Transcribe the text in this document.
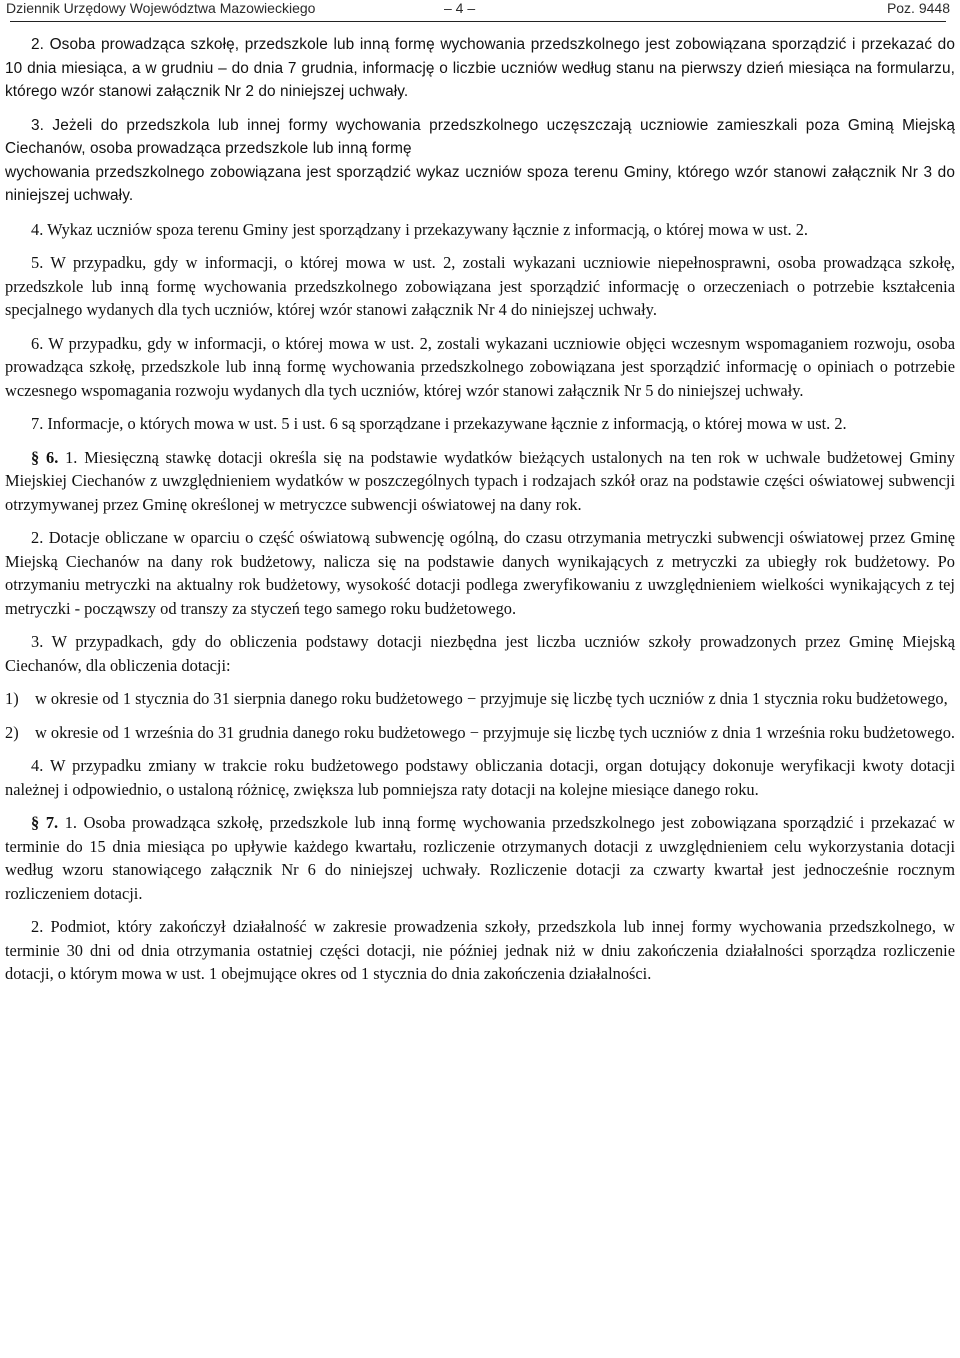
Dziennik Urzędowy Województwa Mazowieckiego	– 4 –	Poz. 9448

2. Osoba prowadząca szkołę, przedszkole lub inną formę wychowania przedszkolnego jest zobowiązana sporządzić i przekazać do 10 dnia miesiąca, a w grudniu – do dnia 7 grudnia, informację o liczbie uczniów według stanu na pierwszy dzień miesiąca na formularzu, którego wzór stanowi załącznik Nr 2 do niniejszej uchwały.

3. Jeżeli do przedszkola lub innej formy wychowania przedszkolnego uczęszczają uczniowie zamieszkali poza Gminą Miejską Ciechanów, osoba prowadząca przedszkole lub inną formę

wychowania przedszkolnego zobowiązana jest sporządzić wykaz uczniów spoza terenu Gminy, którego wzór stanowi załącznik Nr 3 do niniejszej uchwały.

4. Wykaz uczniów spoza terenu Gminy jest sporządzany i przekazywany łącznie z informacją, o której mowa w ust. 2.

5. W przypadku, gdy w informacji, o której mowa w ust. 2, zostali wykazani uczniowie niepełnosprawni, osoba prowadząca szkołę, przedszkole lub inną formę wychowania przedszkolnego zobowiązana jest sporządzić informację o orzeczeniach o potrzebie kształcenia specjalnego wydanych dla tych uczniów, której wzór stanowi załącznik Nr 4 do niniejszej uchwały.

6. W przypadku, gdy w informacji, o której mowa w ust. 2, zostali wykazani uczniowie objęci wczesnym wspomaganiem rozwoju, osoba prowadząca szkołę, przedszkole lub inną formę wychowania przedszkolnego zobowiązana jest sporządzić informację o opiniach o potrzebie wczesnego wspomagania rozwoju wydanych dla tych uczniów, której wzór stanowi załącznik Nr 5 do niniejszej uchwały.

7. Informacje, o których mowa w ust. 5 i ust. 6 są sporządzane i przekazywane łącznie z informacją, o której mowa w ust. 2.

§ 6. 1. Miesięczną stawkę dotacji określa się na podstawie wydatków bieżących ustalonych na ten rok w uchwale budżetowej Gminy Miejskiej Ciechanów z uwzględnieniem wydatków w poszczególnych typach i rodzajach szkół oraz na podstawie części oświatowej subwencji otrzymywanej przez Gminę określonej w metryczce subwencji oświatowej na dany rok.

2. Dotacje obliczane w oparciu o część oświatową subwencję ogólną, do czasu otrzymania metryczki subwencji oświatowej przez Gminę Miejską Ciechanów na dany rok budżetowy, nalicza się na podstawie danych wynikających z metryczki za ubiegły rok budżetowy. Po otrzymaniu metryczki na aktualny rok budżetowy, wysokość dotacji podlega zweryfikowaniu z uwzględnieniem wielkości wynikających z tej metryczki - począwszy od transzy za styczeń tego samego roku budżetowego.

3. W przypadkach, gdy do obliczenia podstawy dotacji niezbędna jest liczba uczniów szkoły prowadzonych przez Gminę Miejską Ciechanów, dla obliczenia dotacji:

1) w okresie od 1 stycznia do 31 sierpnia danego roku budżetowego − przyjmuje się liczbę tych uczniów z dnia 1 stycznia roku budżetowego,
2) w okresie od 1 września do 31 grudnia danego roku budżetowego − przyjmuje się liczbę tych uczniów z dnia 1 września roku budżetowego.

4. W przypadku zmiany w trakcie roku budżetowego podstawy obliczania dotacji, organ dotujący dokonuje weryfikacji kwoty dotacji należnej i odpowiednio, o ustaloną różnicę, zwiększa lub pomniejsza raty dotacji na kolejne miesiące danego roku.

§ 7. 1. Osoba prowadząca szkołę, przedszkole lub inną formę wychowania przedszkolnego jest zobowiązana sporządzić i przekazać w terminie do 15 dnia miesiąca po upływie każdego kwartału, rozliczenie otrzymanych dotacji z uwzględnieniem celu wykorzystania dotacji według wzoru stanowiącego załącznik Nr 6 do niniejszej uchwały. Rozliczenie dotacji za czwarty kwartał jest jednocześnie rocznym rozliczeniem dotacji.

2. Podmiot, który zakończył działalność w zakresie prowadzenia szkoły, przedszkola lub innej formy wychowania przedszkolnego, w terminie 30 dni od dnia otrzymania ostatniej części dotacji, nie później jednak niż w dniu zakończenia działalności sporządza rozliczenie dotacji, o którym mowa w ust. 1 obejmujące okres od 1 stycznia do dnia zakończenia działalności.
